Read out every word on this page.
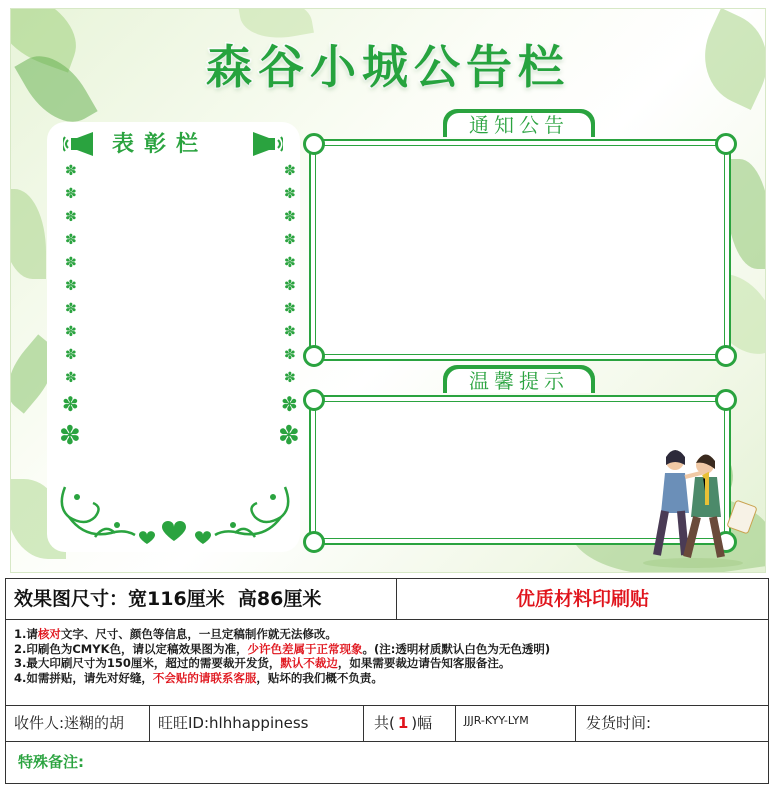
森谷小城公告栏
表彰栏
✽
✽
✽
✽
✽
✽
✽
✽
✽
✽
✽
✽
✽
✽
✽
✽
✽
✽
✽
✽
✽
✽
✽
✽
通知公告
温馨提示
效果图尺寸：宽116厘米  高86厘米	优质材料印刷贴
1.请核对文字、尺寸、颜色等信息，一旦定稿制作就无法修改。
2.印刷色为CMYK色，请以定稿效果图为准，少许色差属于正常现象。(注:透明材质默认白色为无色透明)
3.最大印刷尺寸为150厘米，超过的需要裁开发货，默认不裁边，如果需要裁边请告知客服备注。
4.如需拼贴，请先对好缝，不会贴的请联系客服，贴坏的我们概不负责。
收件人:迷糊的胡	旺旺ID:hlhhappiness	共( 1 )幅	JJJR-KYY-LYM	发货时间:
特殊备注:
